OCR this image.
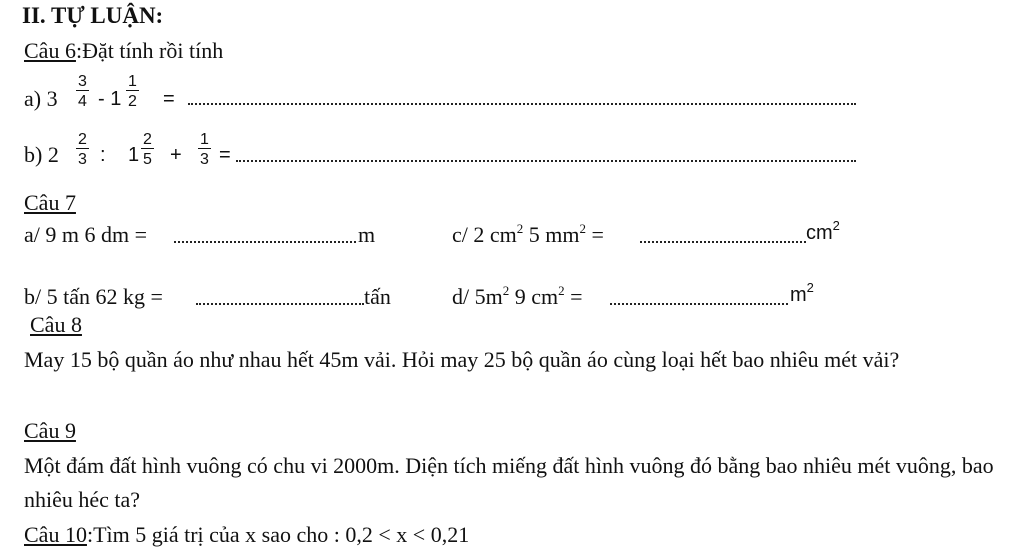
II. TỰ LUẬN:
Câu 6:Đặt tính rồi tính
a) $3 \frac{3}{4} - 1 \frac{1}{2}$ =
b) $2 \frac{2}{3}$ : $1 \frac{2}{5} + \frac{1}{3}$ =
Câu 7
a/ 9 m 6 dm =	m	c/ 2 $cm^2$ 5 $mm^2$ =	$cm^2$
b/ 5 tấn 62 kg =	tấn	d/ $5m^2$ 9 $cm^2$ =	$m^2$
Câu 8
May 15 bộ quần áo như nhau hết 45m vải. Hỏi may 25 bộ quần áo cùng loại hết bao nhiêu mét vải?
Câu 9
Một đám đất hình vuông có chu vi 2000m. Diện tích miếng đất hình vuông đó bằng bao nhiêu mét vuông, bao nhiêu héc ta?
Câu 10:Tìm 5 giá trị của x sao cho : 0,2 < x < 0,21
